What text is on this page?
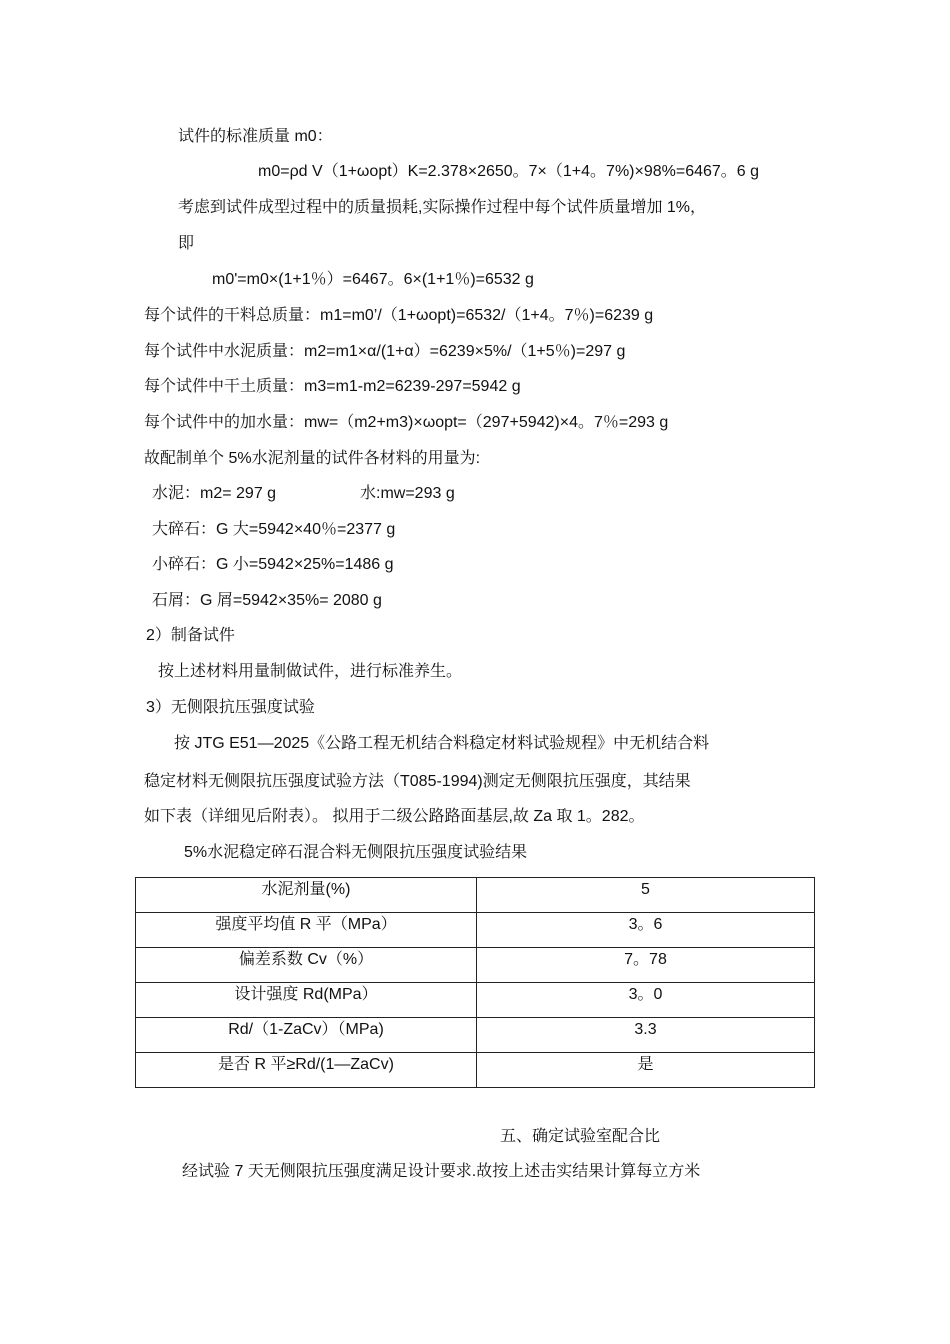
试件的标准质量 m0：
m0=ρd V（1+ωopt）K=2.378×2650。7×（1+4。7%)×98%=6467。6 g
考虑到试件成型过程中的质量损耗,实际操作过程中每个试件质量增加 1%，
即
m0'=m0×(1+1％）=6467。6×(1+1％)=6532 g
每个试件的干料总质量：m1=m0’/（1+ωopt)=6532/（1+4。7％)=6239 g
每个试件中水泥质量：m2=m1×α/(1+α）=6239×5%/（1+5％)=297 g
每个试件中干土质量：m3=m1-m2=6239-297=5942 g
每个试件中的加水量：mw=（m2+m3)×ωopt=（297+5942)×4。7％=293 g
故配制单个 5%水泥剂量的试件各材料的用量为:
水泥：m2= 297 g	水:mw=293 g
大碎石：G 大=5942×40％=2377 g
小碎石：G 小=5942×25%=1486 g
石屑：G 屑=5942×35%= 2080 g
2）制备试件
按上述材料用量制做试件，进行标准养生。
3）无侧限抗压强度试验
按 JTG E51—2025《公路工程无机结合料稳定材料试验规程》中无机结合料
稳定材料无侧限抗压强度试验方法（T085-1994)测定无侧限抗压强度，其结果
如下表（详细见后附表）。 拟用于二级公路路面基层,故 Za 取 1。282。
5%水泥稳定碎石混合料无侧限抗压强度试验结果
水泥剂量(%)	5
强度平均值 R 平（MPa）	3。6
偏差系数 Cv（%）	7。78
设计强度 Rd(MPa）	3。0
Rd/（1-ZaCv）（MPa)	3.3
是否 R 平≥Rd/(1—ZaCv)	是
五、确定试验室配合比
经试验 7 天无侧限抗压强度满足设计要求.故按上述击实结果计算每立方米
